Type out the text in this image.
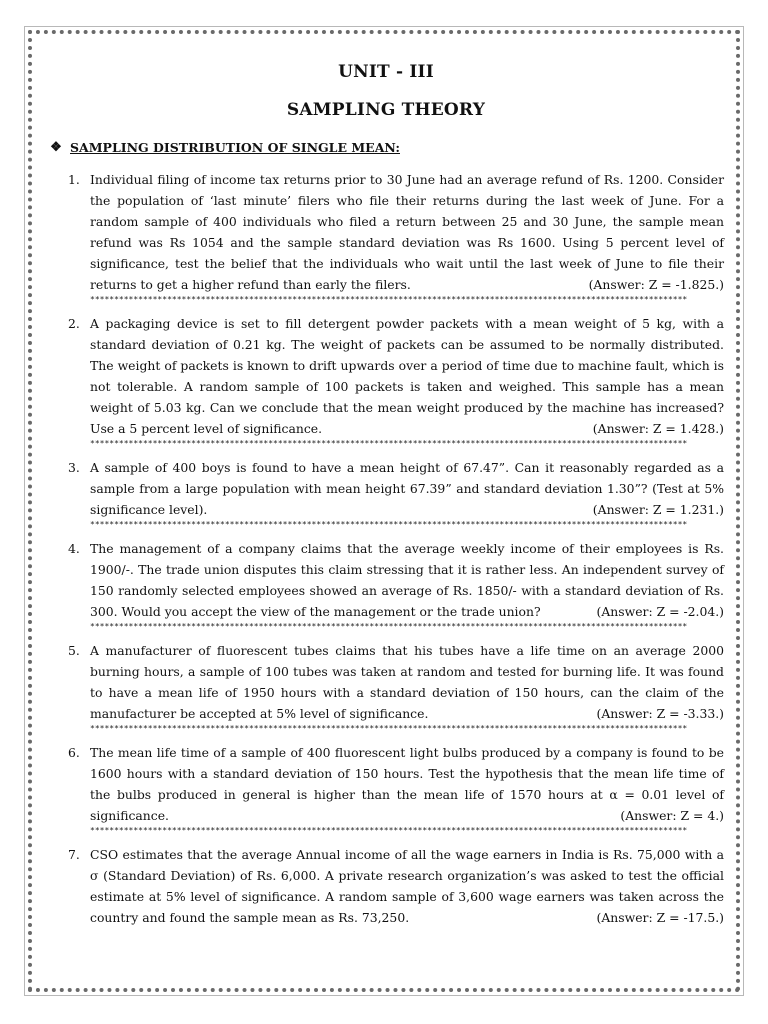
UNIT - III
SAMPLING THEORY
❖ SAMPLING DISTRIBUTION OF SINGLE MEAN:
1. Individual filing of income tax returns prior to 30 June had an average refund of Rs. 1200. Consider the population of ‘last minute’ filers who file their returns during the last week of June. For a random sample of 400 individuals who filed a return between 25 and 30 June, the sample mean refund was Rs 1054 and the sample standard deviation was Rs 1600. Using 5 percent level of significance, test the belief that the individuals who wait until the last week of June to file their returns to get a higher refund than early the filers.	(Answer: Z = -1.825.)
****************************************************************************************************************************
2. A packaging device is set to fill detergent powder packets with a mean weight of 5 kg, with a standard deviation of 0.21 kg. The weight of packets can be assumed to be normally distributed. The weight of packets is known to drift upwards over a period of time due to machine fault, which is not tolerable. A random sample of 100 packets is taken and weighed. This sample has a mean weight of 5.03 kg. Can we conclude that the mean weight produced by the machine has increased? Use a 5 percent level of significance.	(Answer: Z = 1.428.)
****************************************************************************************************************************
3. A sample of 400 boys is found to have a mean height of 67.47”. Can it reasonably regarded as a sample from a large population with mean height 67.39” and standard deviation 1.30”? (Test at 5% significance level).	(Answer: Z = 1.231.)
****************************************************************************************************************************
4. The management of a company claims that the average weekly income of their employees is Rs. 1900/-. The trade union disputes this claim stressing that it is rather less. An independent survey of 150 randomly selected employees showed an average of Rs. 1850/- with a standard deviation of Rs. 300. Would you accept the view of the management or the trade union?	(Answer: Z = -2.04.)
****************************************************************************************************************************
5. A manufacturer of fluorescent tubes claims that his tubes have a life time on an average 2000 burning hours, a sample of 100 tubes was taken at random and tested for burning life. It was found to have a mean life of 1950 hours with a standard deviation of 150 hours, can the claim of the manufacturer be accepted at 5% level of significance.	(Answer: Z = -3.33.)
****************************************************************************************************************************
6. The mean life time of a sample of 400 fluorescent light bulbs produced by a company is found to be 1600 hours with a standard deviation of 150 hours. Test the hypothesis that the mean life time of the bulbs produced in general is higher than the mean life of 1570 hours at α = 0.01 level of significance.	(Answer: Z = 4.)
****************************************************************************************************************************
7. CSO estimates that the average Annual income of all the wage earners in India is Rs. 75,000 with a σ (Standard Deviation) of Rs. 6,000. A private research organization’s was asked to test the official estimate at 5% level of significance. A random sample of 3,600 wage earners was taken across the country and found the sample mean as Rs. 73,250.	(Answer: Z = -17.5.)
